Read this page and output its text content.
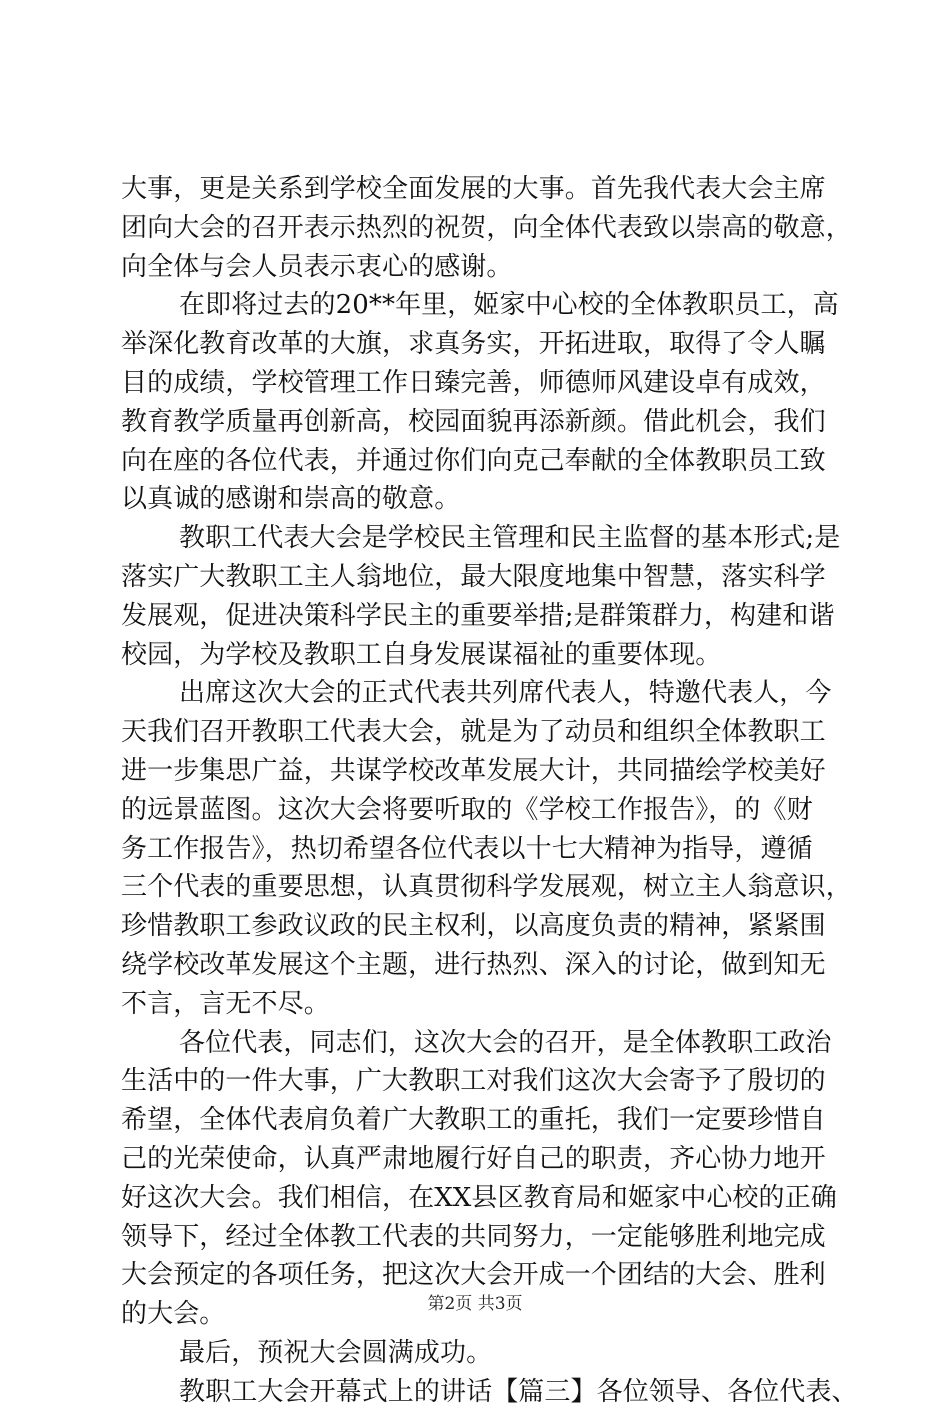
大事，更是关系到学校全面发展的大事。首先我代表大会主席
团向大会的召开表示热烈的祝贺，向全体代表致以崇高的敬意，
向全体与会人员表示衷心的感谢。
在即将过去的20**年里，姬家中心校的全体教职员工，高
举深化教育改革的大旗，求真务实，开拓进取，取得了令人瞩
目的成绩，学校管理工作日臻完善，师德师风建设卓有成效，
教育教学质量再创新高，校园面貌再添新颜。借此机会，我们
向在座的各位代表，并通过你们向克己奉献的全体教职员工致
以真诚的感谢和崇高的敬意。
教职工代表大会是学校民主管理和民主监督的基本形式;是
落实广大教职工主人翁地位，最大限度地集中智慧，落实科学
发展观，促进决策科学民主的重要举措;是群策群力，构建和谐
校园，为学校及教职工自身发展谋福祉的重要体现。
出席这次大会的正式代表共列席代表人，特邀代表人，今
天我们召开教职工代表大会，就是为了动员和组织全体教职工
进一步集思广益，共谋学校改革发展大计，共同描绘学校美好
的远景蓝图。这次大会将要听取的《学校工作报告》，的《财
务工作报告》，热切希望各位代表以十七大精神为指导，遵循
三个代表的重要思想，认真贯彻科学发展观，树立主人翁意识，
珍惜教职工参政议政的民主权利，以高度负责的精神，紧紧围
绕学校改革发展这个主题，进行热烈、深入的讨论，做到知无
不言，言无不尽。
各位代表，同志们，这次大会的召开，是全体教职工政治
生活中的一件大事，广大教职工对我们这次大会寄予了殷切的
希望，全体代表肩负着广大教职工的重托，我们一定要珍惜自
己的光荣使命，认真严肃地履行好自己的职责，齐心协力地开
好这次大会。我们相信，在XX县区教育局和姬家中心校的正确
领导下，经过全体教工代表的共同努力，一定能够胜利地完成
大会预定的各项任务，把这次大会开成一个团结的大会、胜利
的大会。
最后，预祝大会圆满成功。
教职工大会开幕式上的讲话【篇三】各位领导、各位代表、
第2页 共3页
